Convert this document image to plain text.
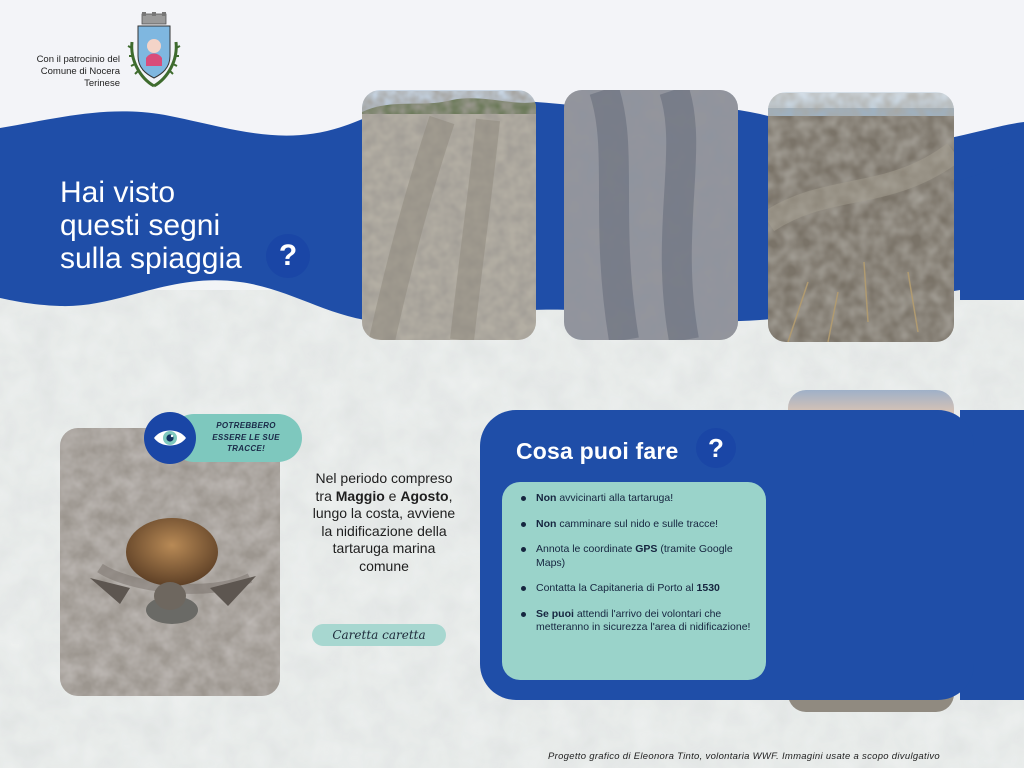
Con il patrocinio del
Comune di Nocera
Terinese
Hai visto
questi segni
sulla spiaggia	?
POTREBBERO
ESSERE LE SUE
TRACCE!
Nel periodo compreso tra Maggio e Agosto, lungo la costa, avviene la nidificazione della tartaruga marina comune
Caretta caretta
Cosa puoi fare	?
Non avvicinarti alla tartaruga!
Non camminare sul nido e sulle tracce!
Annota le coordinate GPS (tramite Google Maps)
Contatta la Capitaneria di Porto al 1530
Se puoi attendi l'arrivo dei volontari che metteranno in sicurezza l'area di nidificazione!
Progetto grafico di Eleonora Tinto, volontaria WWF. Immagini usate a scopo divulgativo
